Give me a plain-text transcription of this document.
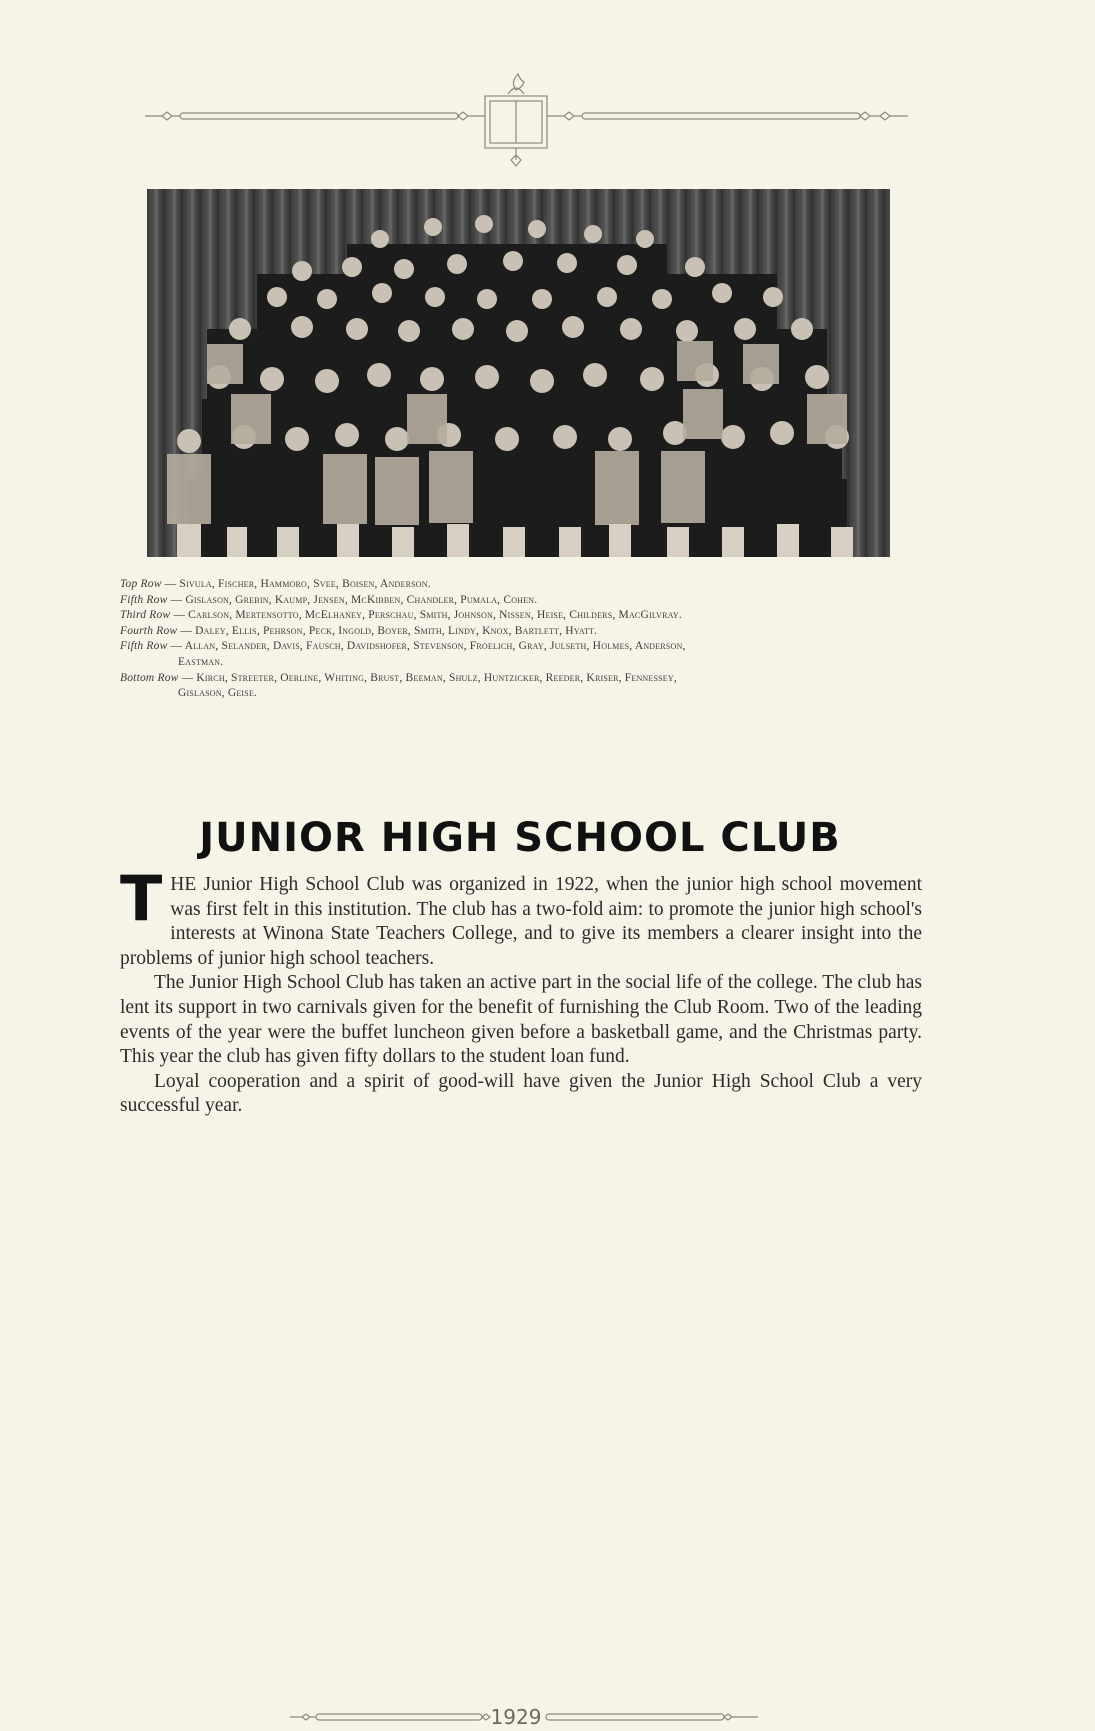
Top Row — Sivula, Fischer, Hammoro, Svee, Boisen, Anderson.
Fifth Row — Gislason, Grebin, Kaump, Jensen, McKibben, Chandler, Pumala, Cohen.
Third Row — Carlson, Mertensotto, McElhaney, Perschau, Smith, Johnson, Nissen, Heise, Childers, MacGilvray.
Fourth Row — Daley, Ellis, Pehrson, Peck, Ingold, Boyer, Smith, Lindy, Knox, Bartlett, Hyatt.
Fifth Row — Allan, Selander, Davis, Fausch, Davidshofer, Stevenson, Froelich, Gray, Julseth, Holmes, Anderson,
Eastman.
Bottom Row — Kirch, Streeter, Oerline, Whiting, Brust, Beeman, Shulz, Huntzicker, Reeder, Kriser, Fennessey,
Gislason, Geise.
JUNIOR HIGH SCHOOL CLUB

THE Junior High School Club was organized in 1922, when the junior high school movement was first felt in this institution. The club has a two-fold aim: to promote the junior high school's interests at Winona State Teachers College, and to give its members a clearer insight into the problems of junior high school teachers.

The Junior High School Club has taken an active part in the social life of the college. The club has lent its support in two carnivals given for the benefit of furnishing the Club Room. Two of the leading events of the year were the buffet luncheon given before a basketball game, and the Christmas party. This year the club has given fifty dollars to the student loan fund.

Loyal cooperation and a spirit of good-will have given the Junior High School Club a very successful year.

1929
